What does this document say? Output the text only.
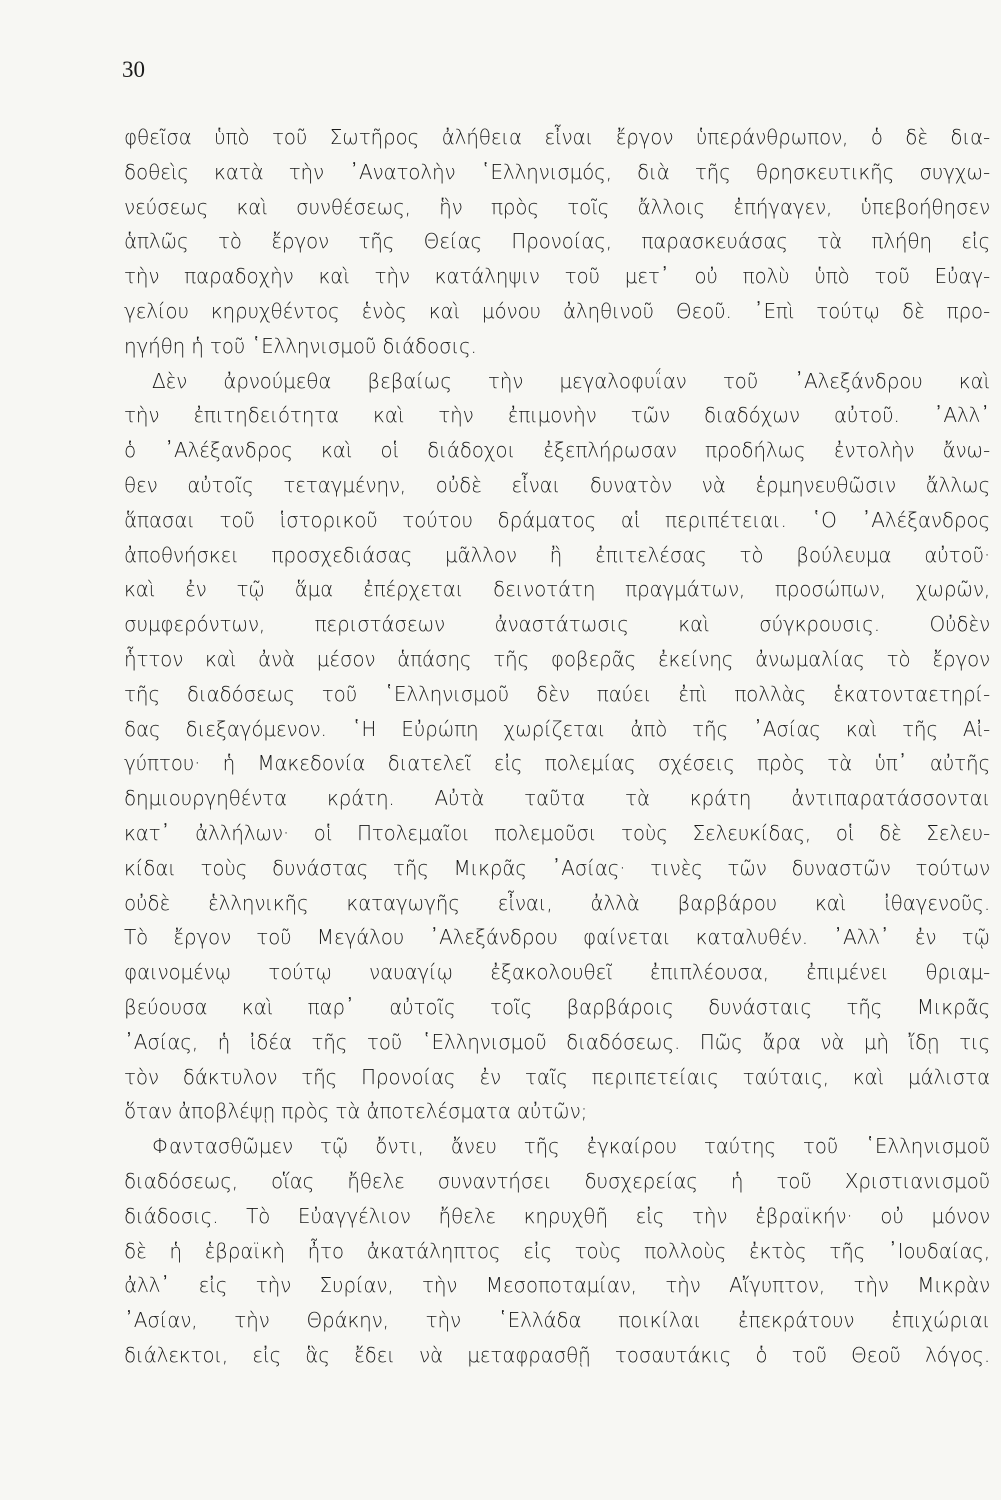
30
φθεῖσα ὑπὸ τοῦ Σωτῆρος ἀλήθεια εἶναι ἔργον ὑπεράνθρωπον, ὁ δὲ δια-
δοθεὶς κατὰ τὴν ᾽Ανατολὴν ῾Ελληνισμός, διὰ τῆς θρησκευτικῆς συγχω-
νεύσεως καὶ συνθέσεως, ἣν πρὸς τοῖς ἄλλοις ἐπήγαγεν, ὑπεβοήθησεν
ἁπλῶς τὸ ἔργον τῆς Θείας Προνοίας, παρασκευάσας τὰ πλήθη εἰς
τὴν παραδοχὴν καὶ τὴν κατάληψιν τοῦ μετ᾽ οὐ πολὺ ὑπὸ τοῦ Εὐαγ-
γελίου κηρυχθέντος ἑνὸς καὶ μόνου ἀληθινοῦ Θεοῦ. ᾽Επὶ τούτῳ δὲ προ-
ηγήθη ἡ τοῦ ῾Ελληνισμοῦ διάδοσις.
Δὲν ἀρνούμεθα βεβαίως τὴν μεγαλοφυΐαν τοῦ ᾽Αλεξάνδρου καὶ
τὴν ἐπιτηδειότητα καὶ τὴν ἐπιμονὴν τῶν διαδόχων αὐτοῦ. ᾽Αλλ᾽
ὁ ᾽Αλέξανδρος καὶ οἱ διάδοχοι ἐξεπλήρωσαν προδήλως ἐντολὴν ἄνω-
θεν αὐτοῖς τεταγμένην, οὐδὲ εἶναι δυνατὸν νὰ ἑρμηνευθῶσιν ἄλλως
ἅπασαι τοῦ ἱστορικοῦ τούτου δράματος αἱ περιπέτειαι. ῾Ο ᾽Αλέξανδρος
ἀποθνήσκει προσχεδιάσας μᾶλλον ἢ ἐπιτελέσας τὸ βούλευμα αὐτοῦ·
καὶ ἐν τῷ ἅμα ἐπέρχεται δεινοτάτη πραγμάτων, προσώπων, χωρῶν,
συμφερόντων, περιστάσεων ἀναστάτωσις καὶ σύγκρουσις. Οὐδὲν
ἧττον καὶ ἀνὰ μέσον ἁπάσης τῆς φοβερᾶς ἐκείνης ἀνωμαλίας τὸ ἔργον
τῆς διαδόσεως τοῦ ῾Ελληνισμοῦ δὲν παύει ἐπὶ πολλὰς ἑκατονταετηρί-
δας διεξαγόμενον. ῾Η Εὐρώπη χωρίζεται ἀπὸ τῆς ᾽Ασίας καὶ τῆς Αἰ-
γύπτου· ἡ Μακεδονία διατελεῖ εἰς πολεμίας σχέσεις πρὸς τὰ ὑπ᾽ αὐτῆς
δημιουργηθέντα κράτη. Αὐτὰ ταῦτα τὰ κράτη ἀντιπαρατάσσονται
κατ᾽ ἀλλήλων· οἱ Πτολεμαῖοι πολεμοῦσι τοὺς Σελευκίδας, οἱ δὲ Σελευ-
κίδαι τοὺς δυνάστας τῆς Μικρᾶς ᾽Ασίας· τινὲς τῶν δυναστῶν τούτων
οὐδὲ ἑλληνικῆς καταγωγῆς εἶναι, ἀλλὰ βαρβάρου καὶ ἰθαγενοῦς.
Τὸ ἔργον τοῦ Μεγάλου ᾽Αλεξάνδρου φαίνεται καταλυθέν. ᾽Αλλ᾽ ἐν τῷ
φαινομένῳ τούτῳ ναυαγίῳ ἐξακολουθεῖ ἐπιπλέουσα, ἐπιμένει θριαμ-
βεύουσα καὶ παρ᾽ αὐτοῖς τοῖς βαρβάροις δυνάσταις τῆς Μικρᾶς
᾽Ασίας, ἡ ἰδέα τῆς τοῦ ῾Ελληνισμοῦ διαδόσεως. Πῶς ἄρα νὰ μὴ ἴδῃ τις
τὸν δάκτυλον τῆς Προνοίας ἐν ταῖς περιπετείαις ταύταις, καὶ μάλιστα
ὅταν ἀποβλέψῃ πρὸς τὰ ἀποτελέσματα αὐτῶν;
Φαντασθῶμεν τῷ ὄντι, ἄνευ τῆς ἐγκαίρου ταύτης τοῦ ῾Ελληνισμοῦ
διαδόσεως, οἵας ἤθελε συναντήσει δυσχερείας ἡ τοῦ Χριστιανισμοῦ
διάδοσις. Τὸ Εὐαγγέλιον ἤθελε κηρυχθῆ εἰς τὴν ἑβραϊκήν· οὐ μόνον
δὲ ἡ ἑβραϊκὴ ἦτο ἀκατάληπτος εἰς τοὺς πολλοὺς ἐκτὸς τῆς ᾽Ιουδαίας,
ἀλλ᾽ εἰς τὴν Συρίαν, τὴν Μεσοποταμίαν, τὴν Αἴγυπτον, τὴν Μικρὰν
᾽Ασίαν, τὴν Θράκην, τὴν ῾Ελλάδα ποικίλαι ἐπεκράτουν ἐπιχώριαι
διάλεκτοι, εἰς ἃς ἔδει νὰ μεταφρασθῇ τοσαυτάκις ὁ τοῦ Θεοῦ λόγος.
